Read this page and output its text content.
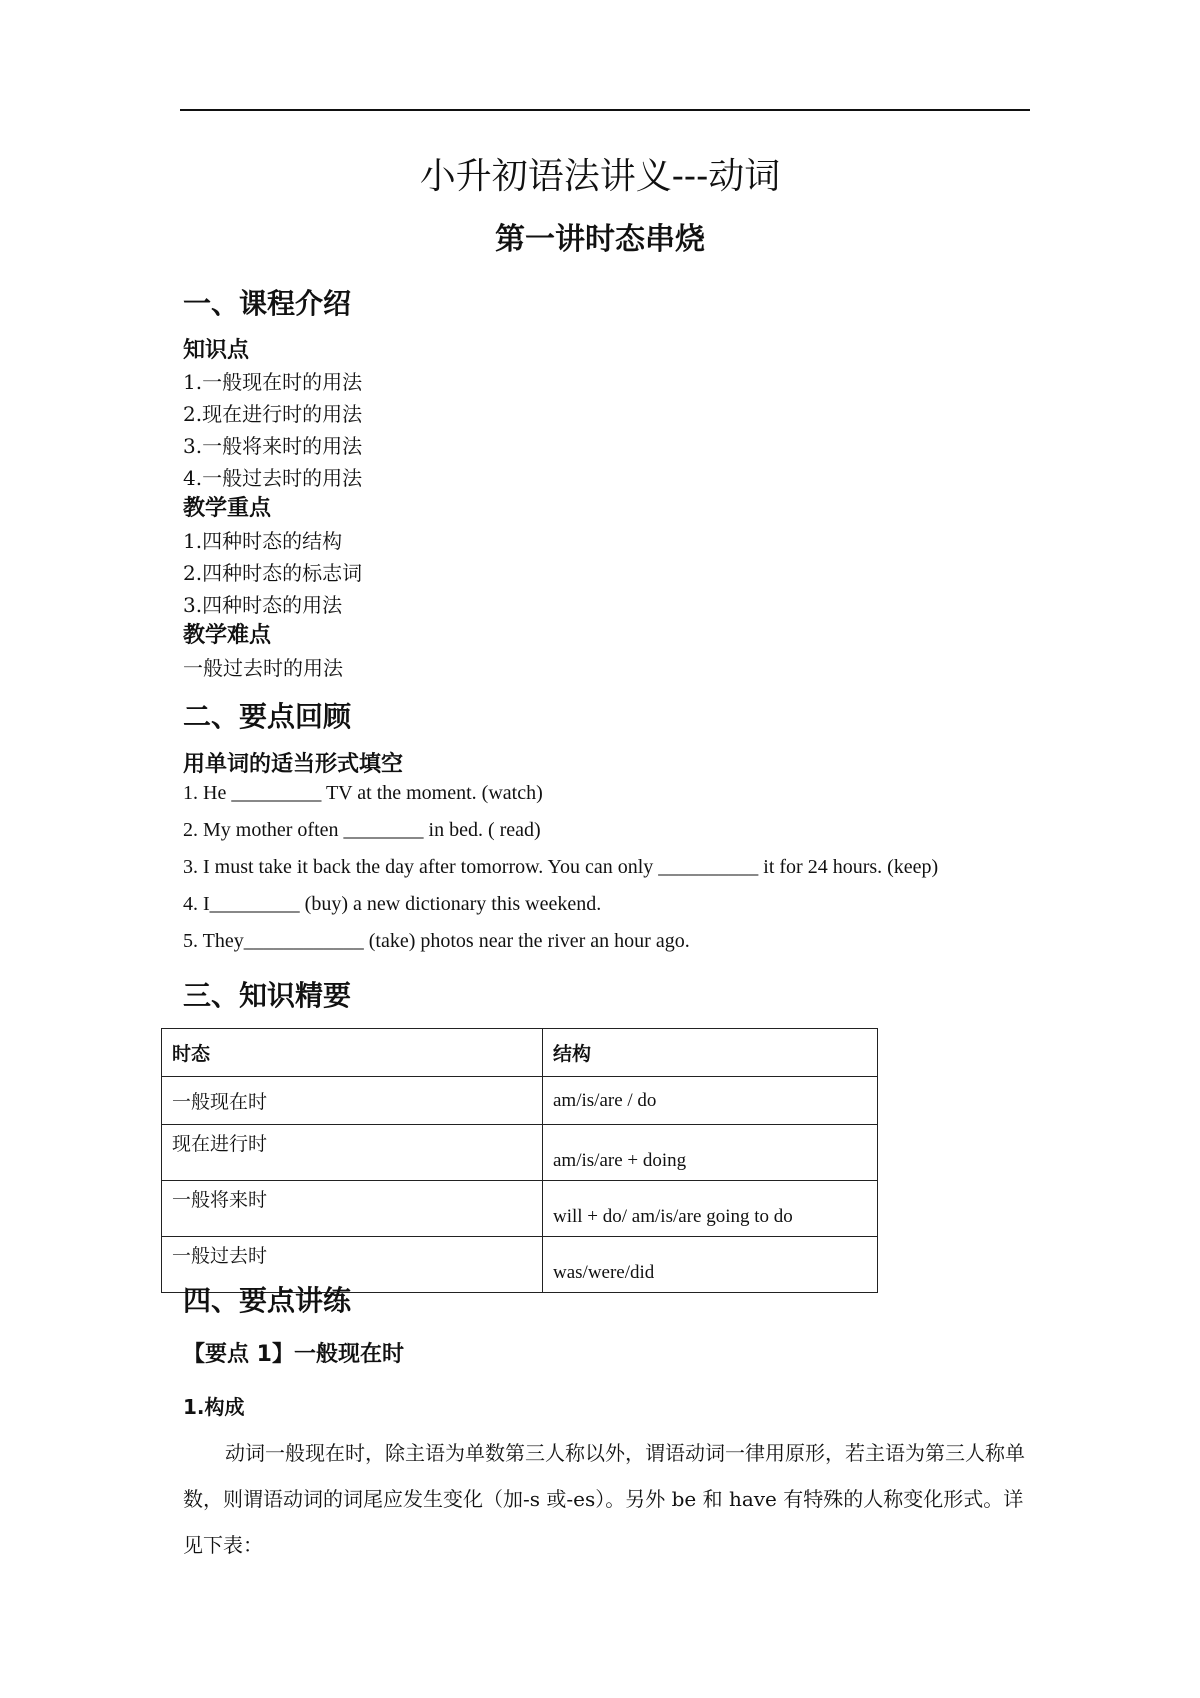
小升初语法讲义---动词
第一讲时态串烧
一、课程介绍
知识点
1.一般现在时的用法
2.现在进行时的用法
3.一般将来时的用法
4.一般过去时的用法
教学重点
1.四种时态的结构
2.四种时态的标志词
3.四种时态的用法
教学难点
一般过去时的用法
二、要点回顾
用单词的适当形式填空
1. He _________ TV at the moment. (watch)
2. My mother often ________ in bed. ( read)
3. I must take it back the day after tomorrow. You can only __________ it for 24 hours. (keep)
4. I_________ (buy) a new dictionary this weekend.
5. They____________ (take) photos near the river an hour ago.
三、知识精要
时态	结构
一般现在时	am/is/are / do
现在进行时	am/is/are + doing
一般将来时	will + do/ am/is/are going to do
一般过去时	was/were/did
四、要点讲练
【要点 1】一般现在时
1.构成

动词一般现在时，除主语为单数第三人称以外，谓语动词一律用原形，若主语为第三人称单数，则谓语动词的词尾应发生变化（加-s 或-es）。另外 be 和 have 有特殊的人称变化形式。详见下表：
